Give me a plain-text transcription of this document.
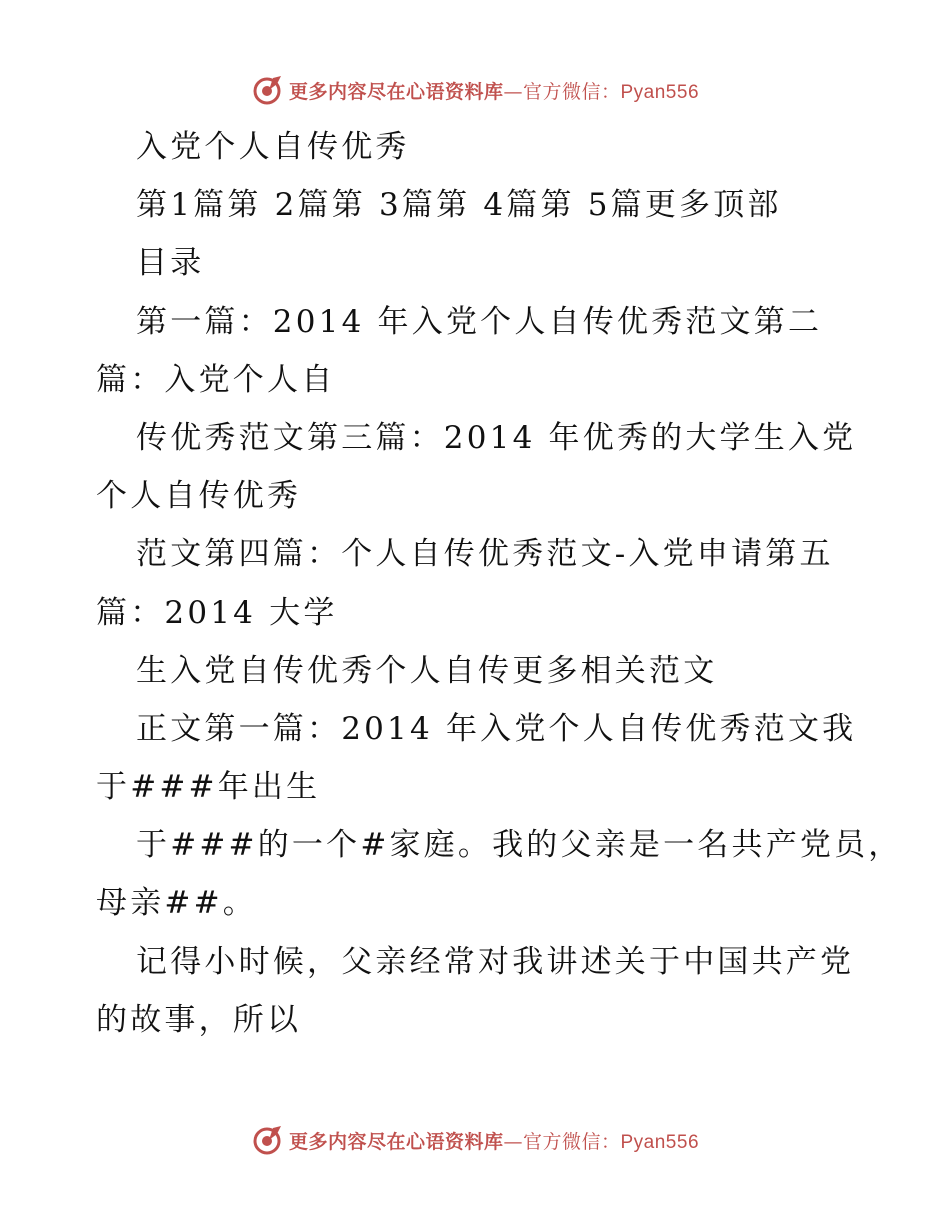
更多内容尽在心语资料库—官方微信：Pyan556
入党个人自传优秀
第1篇第 2篇第 3篇第 4篇第 5篇更多顶部
目录
第一篇：2014 年入党个人自传优秀范文第二
篇：入党个人自
传优秀范文第三篇：2014 年优秀的大学生入党
个人自传优秀
范文第四篇：个人自传优秀范文-入党申请第五
篇：2014 大学
生入党自传优秀个人自传更多相关范文
正文第一篇：2014 年入党个人自传优秀范文我
于###年出生
于###的一个#家庭。我的父亲是一名共产党员，
母亲##。
记得小时候，父亲经常对我讲述关于中国共产党
的故事，所以
更多内容尽在心语资料库—官方微信：Pyan556
